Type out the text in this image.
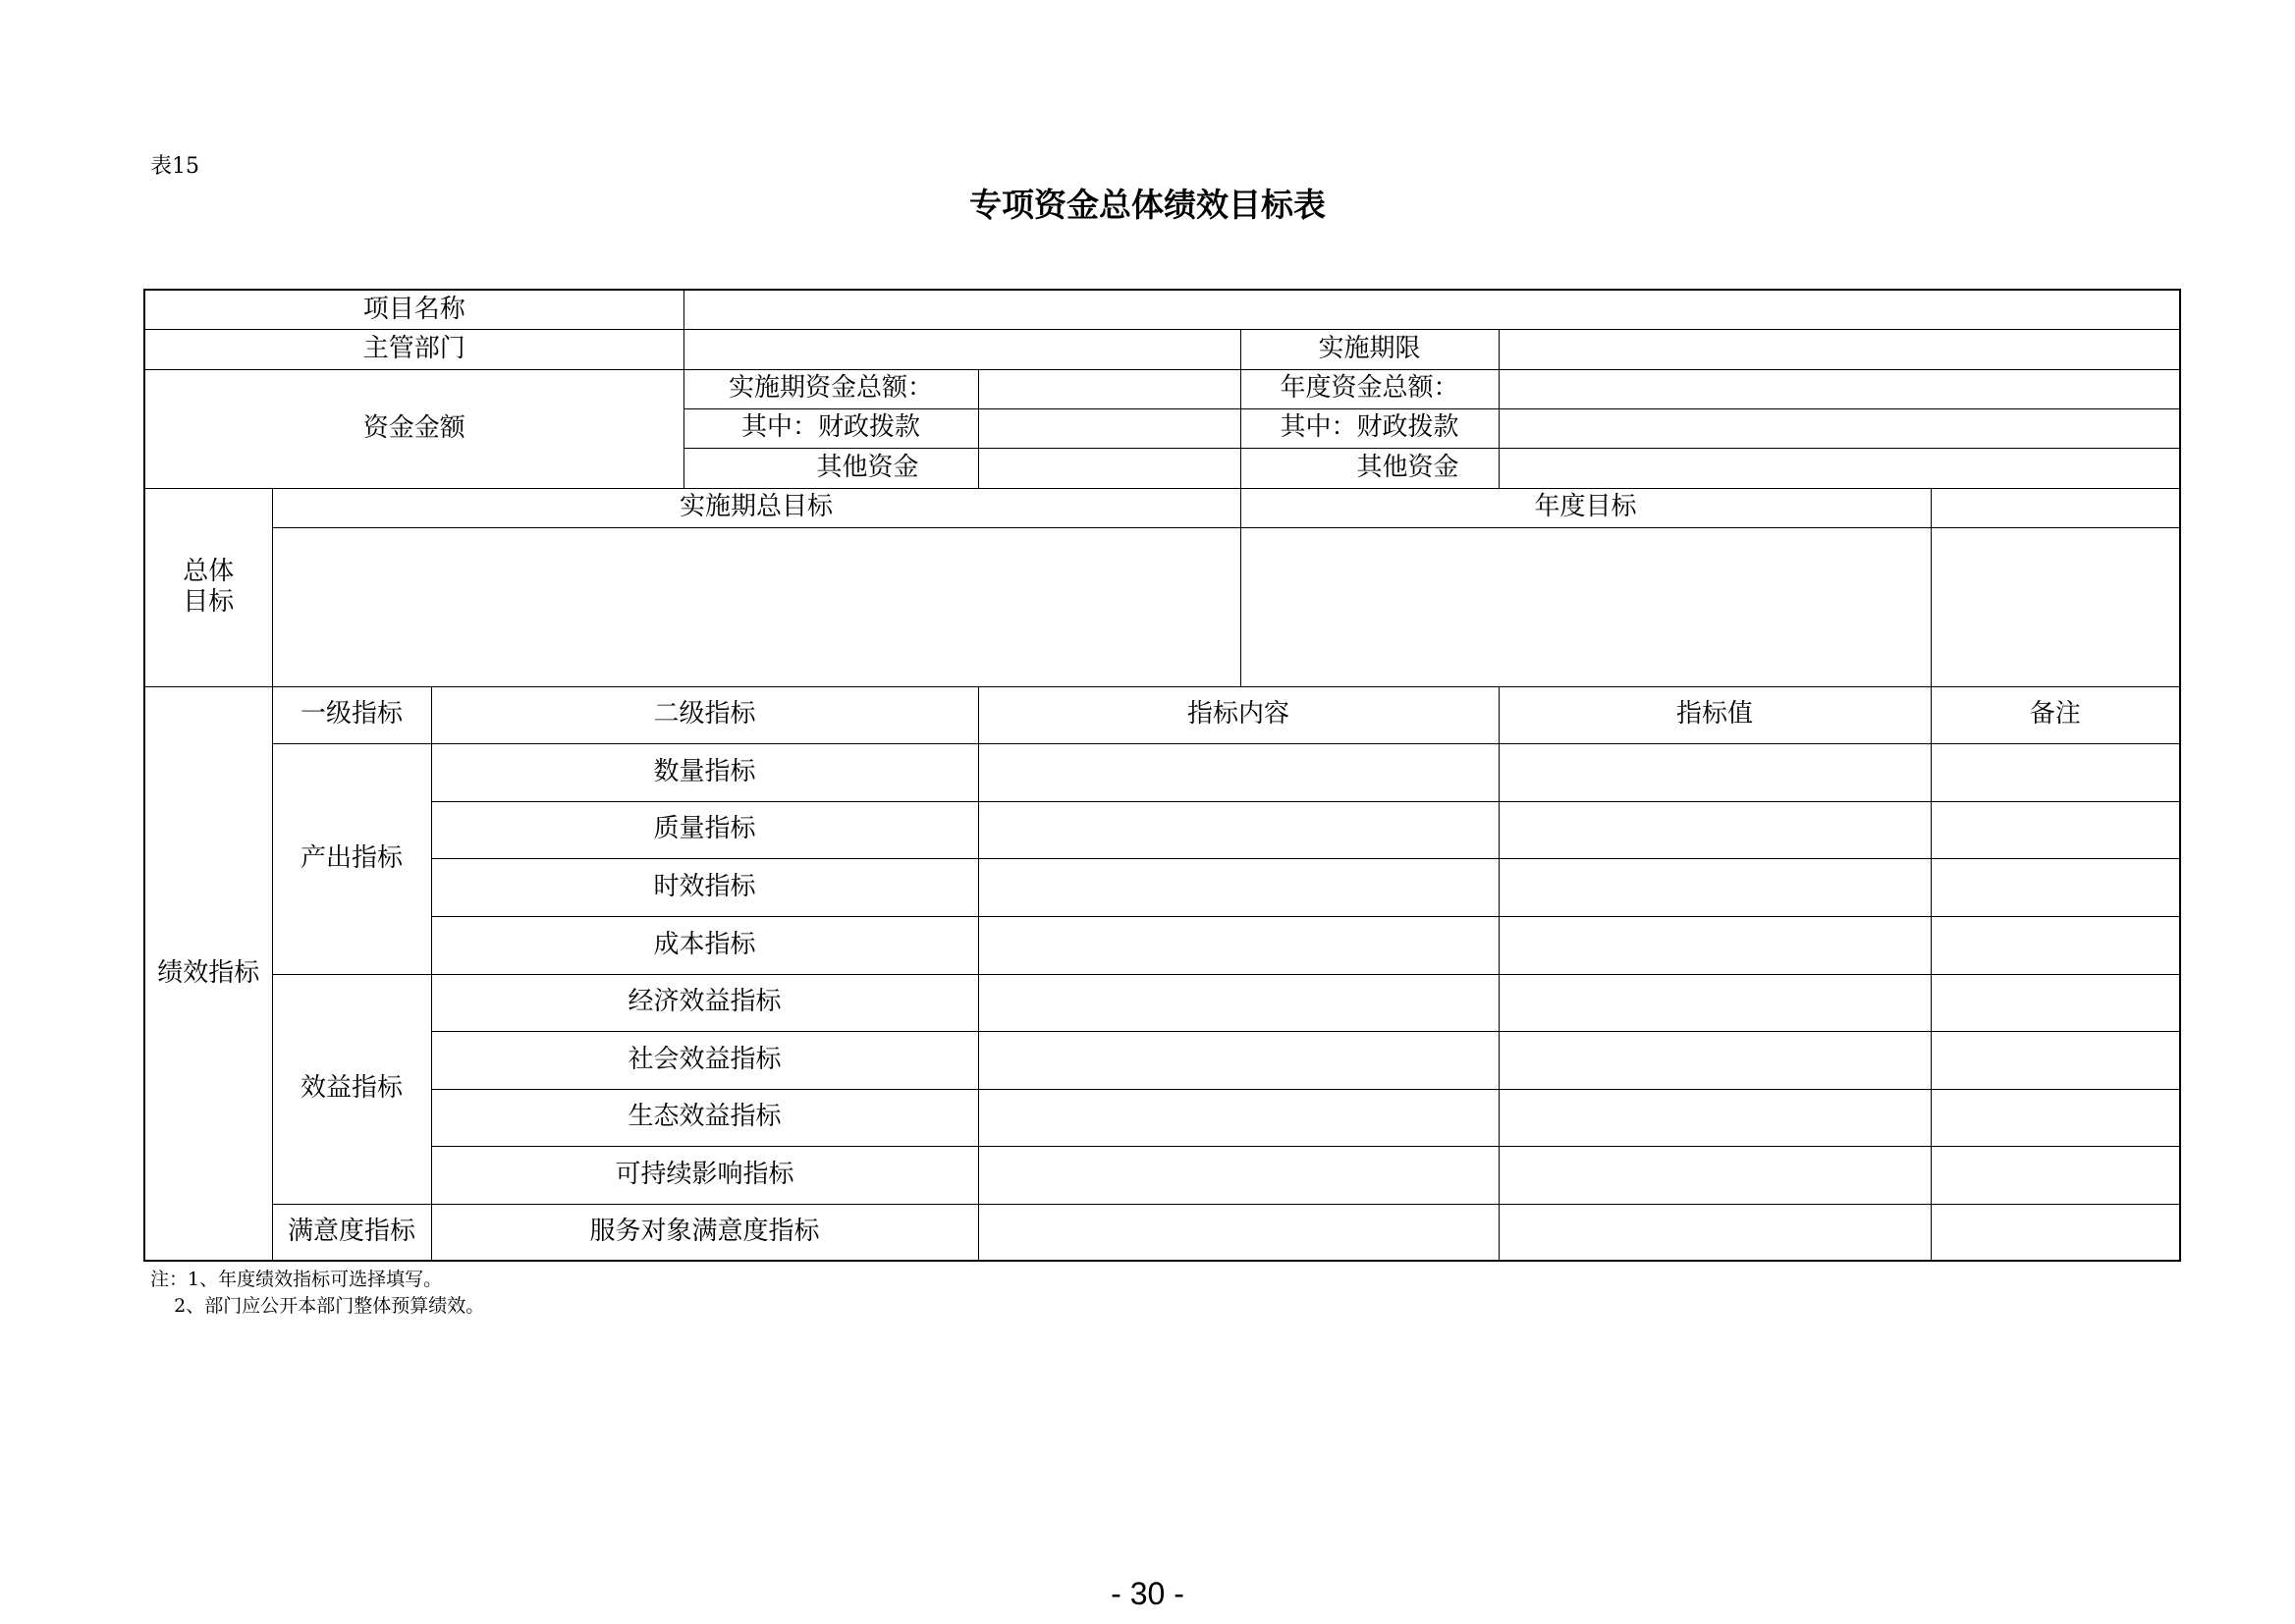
表15
专项资金总体绩效目标表
项目名称							
主管部门					实施期限		
资金金额			实施期资金总额：		年度资金总额：		
			其中：财政拨款		其中：财政拨款		
			其他资金		其他资金		

总体目标	实施期总目标				年度目标		

绩效指标	一级指标	二级指标		指标内容		指标值	备注
	产出指标	数量指标					
		质量指标					
		时效指标					
		成本指标					
	效益指标	经济效益指标					
		社会效益指标					
		生态效益指标					
		可持续影响指标					
	满意度指标	服务对象满意度指标					
注：1、年度绩效指标可选择填写。
2、部门应公开本部门整体预算绩效。
- 30 -
